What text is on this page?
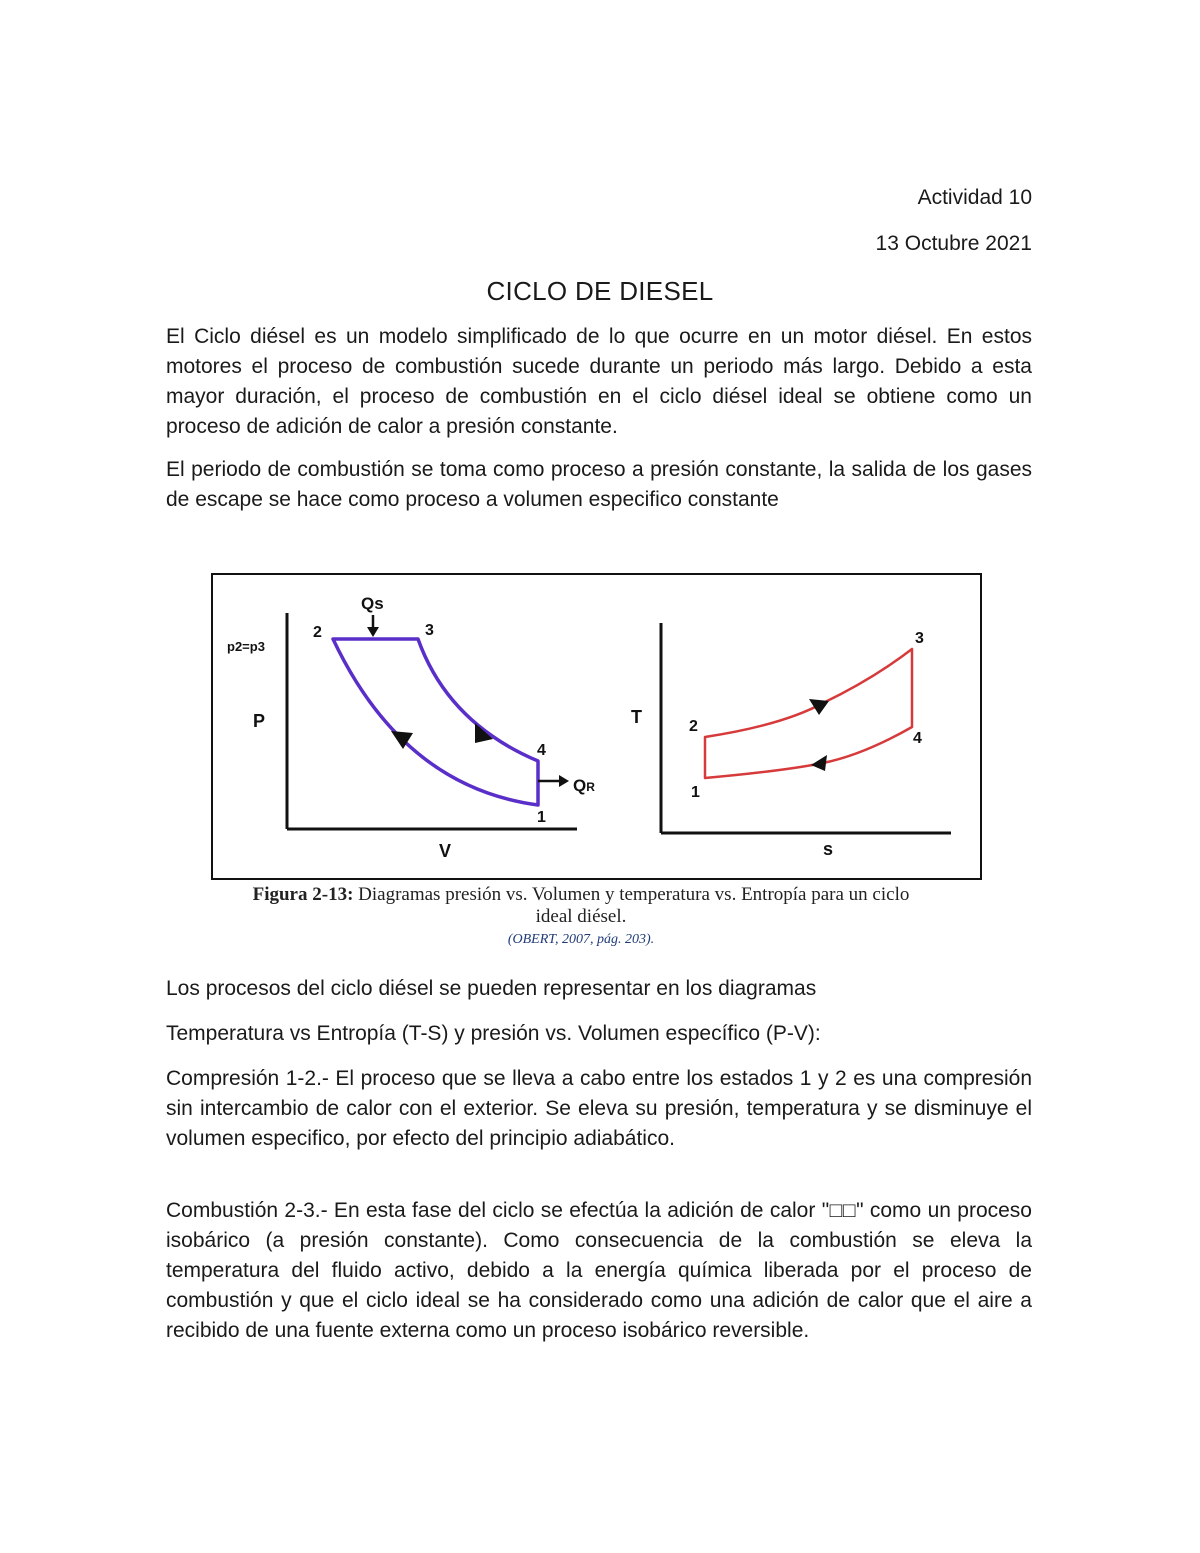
Actividad 10
13 Octubre 2021
CICLO DE DIESEL

El Ciclo diésel es un modelo simplificado de lo que ocurre en un motor diésel. En estos motores el proceso de combustión sucede durante un periodo más largo. Debido a esta mayor duración, el proceso de combustión en el ciclo diésel ideal se obtiene como un proceso de adición de calor a presión constante.

El periodo de combustión se toma como proceso a presión constante, la salida de los gases de escape se hace como proceso a volumen especifico constante

Qs
QR
p2=p3
P
V
2	3
4
1
T
s
2
3
4
1
Figura 2-13: Diagramas presión vs. Volumen y temperatura vs. Entropía para un ciclo
ideal diésel.
(OBERT, 2007, pág. 203).

Los procesos del ciclo diésel se pueden representar en los diagramas

Temperatura vs Entropía (T-S) y presión vs. Volumen específico (P-V):

Compresión 1-2.- El proceso que se lleva a cabo entre los estados 1 y 2 es una compresión sin intercambio de calor con el exterior. Se eleva su presión, temperatura y se disminuye el volumen especifico, por efecto del principio adiabático.

Combustión 2-3.- En esta fase del ciclo se efectúa la adición de calor "□□" como un proceso isobárico (a presión constante). Como consecuencia de la combustión se eleva la temperatura del fluido activo, debido a la energía química liberada por el proceso de combustión y que el ciclo ideal se ha considerado como una adición de calor que el aire a recibido de una fuente externa como un proceso isobárico reversible.
